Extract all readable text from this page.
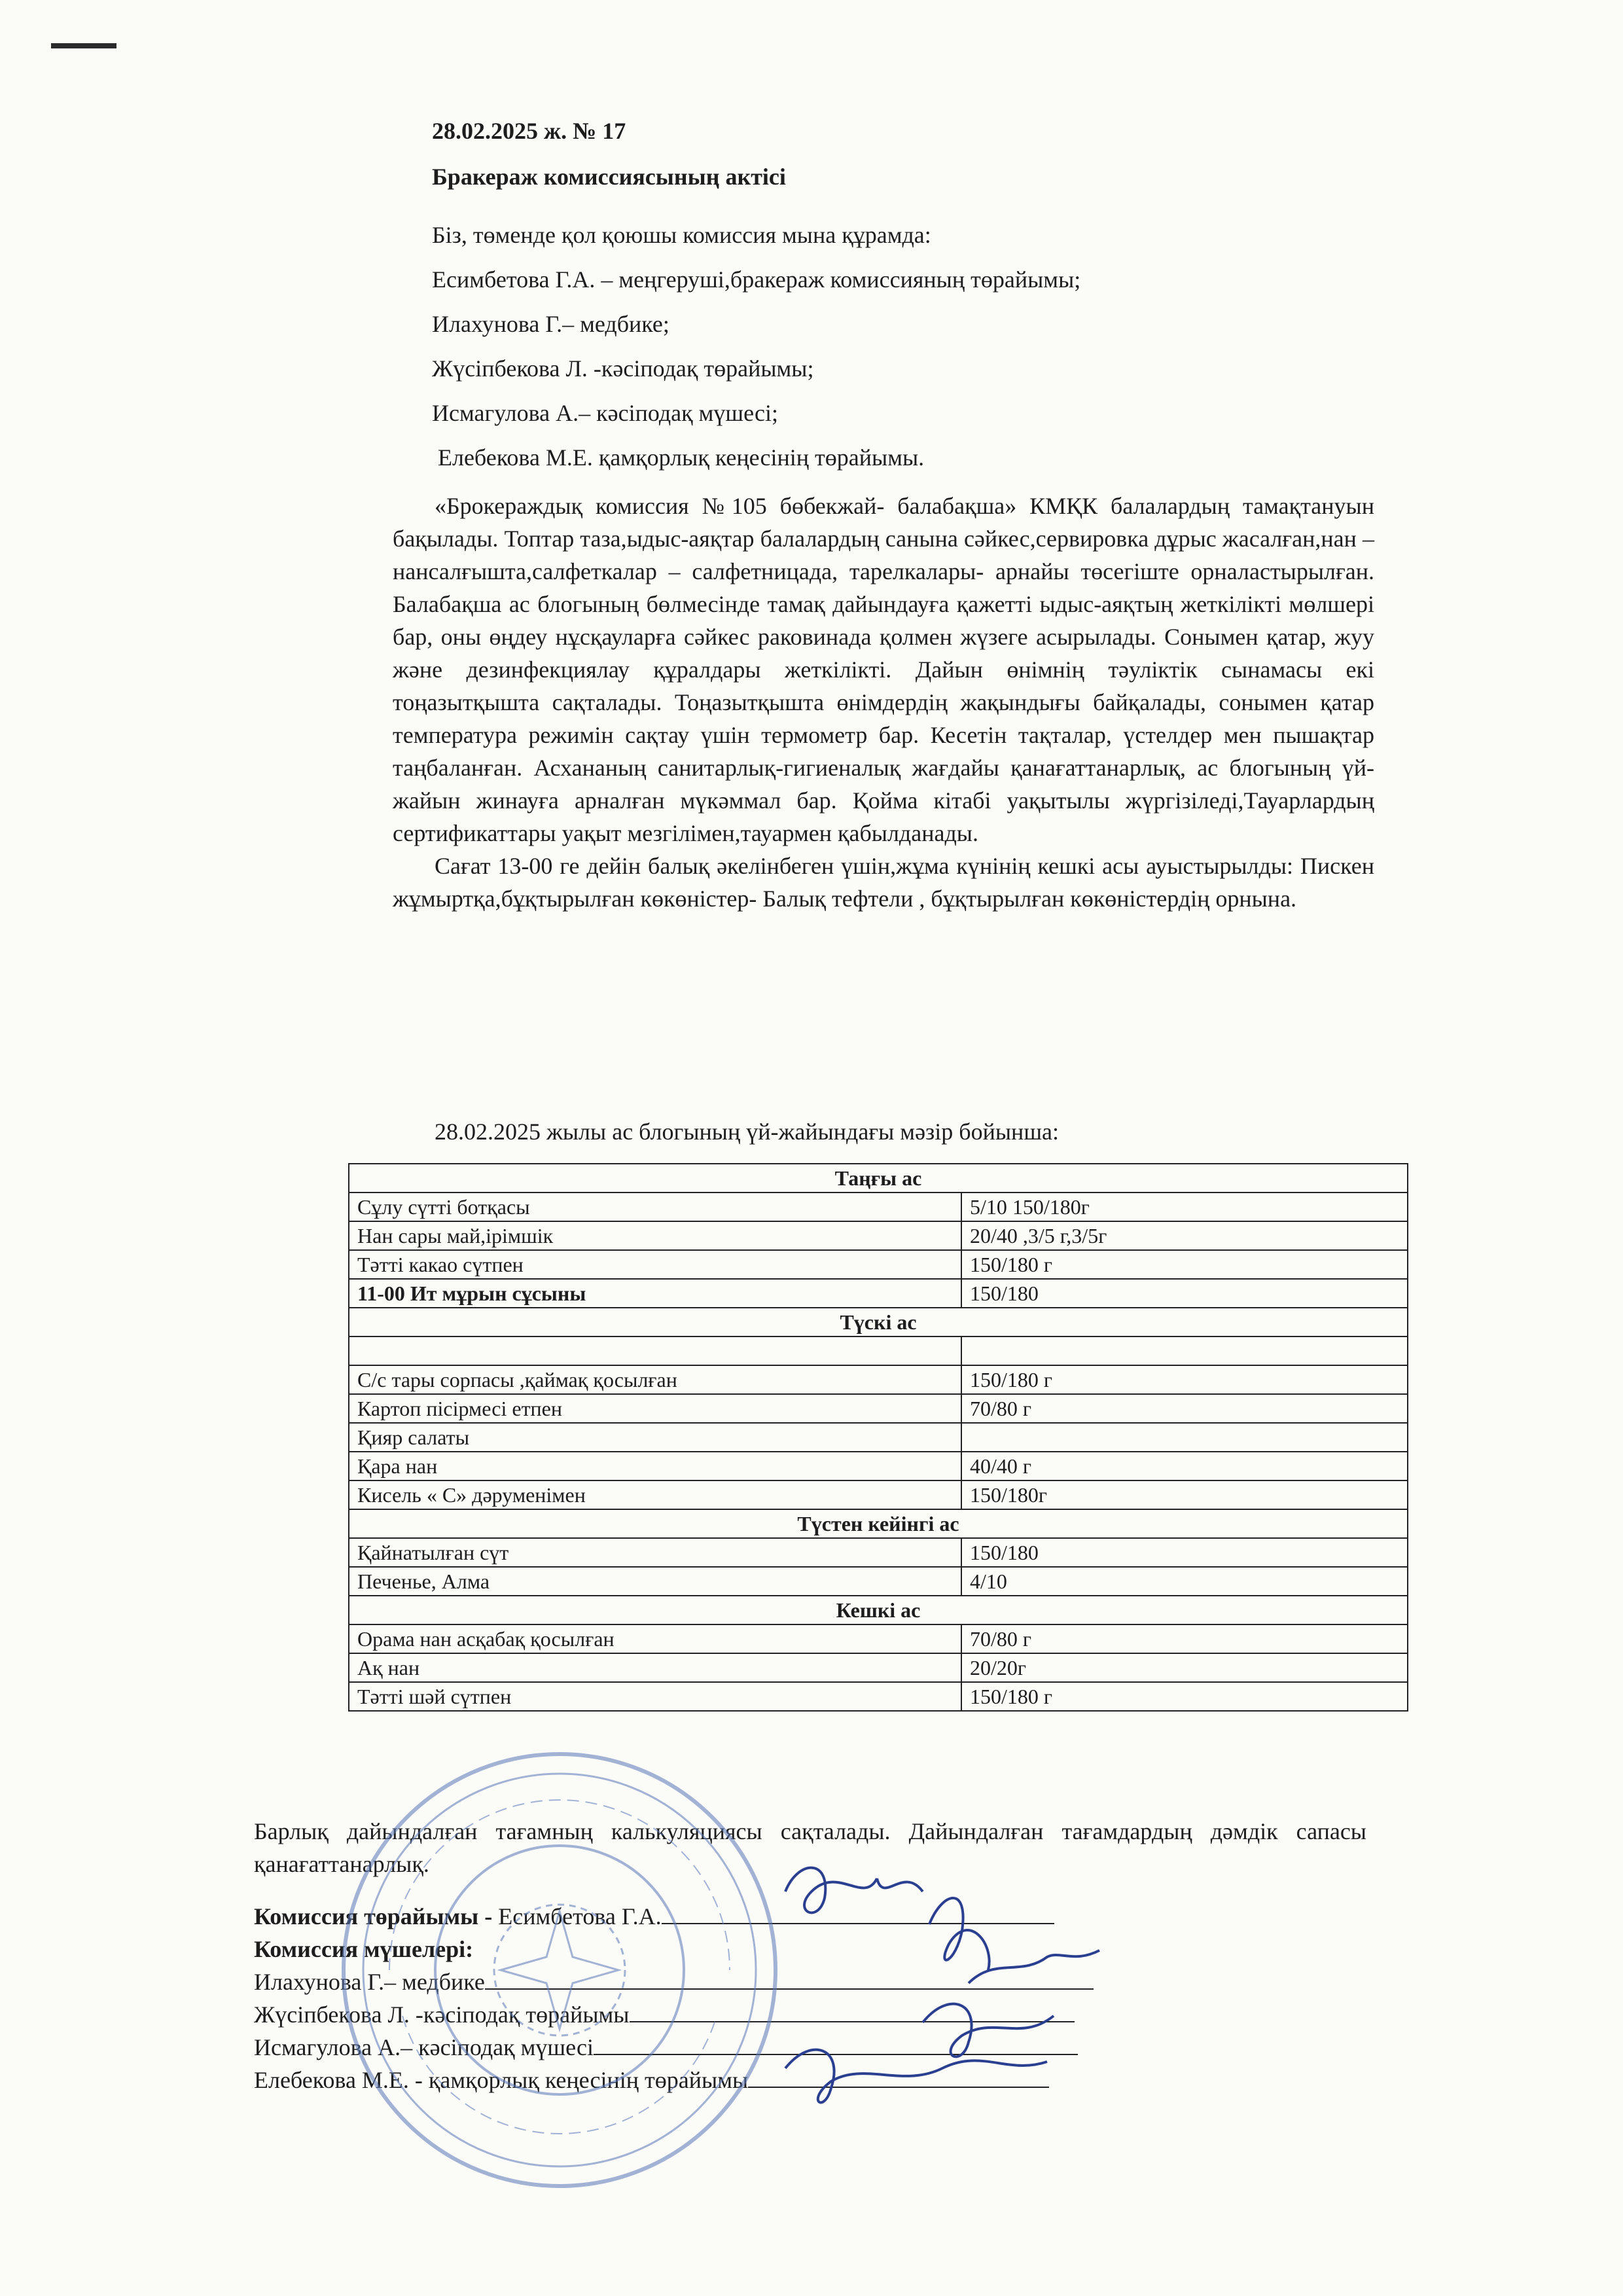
28.02.2025 ж. № 17
Бракераж комиссиясының актісі
Біз, төменде қол қоюшы комиссия мына құрамда:
Есимбетова Г.А. – меңгеруші,бракераж комиссияның төрайымы;
Илахунова Г.– медбике;
Жүсіпбекова Л. -кәсіподақ төрайымы;
Исмагулова А.– кәсіподақ мүшесі;
Елебекова М.Е. қамқорлық кеңесінің төрайымы.

«Брокераждық комиссия №105 бөбекжай- балабақша» КМҚК балалардың тамақтануын бақылады. Топтар таза,ыдыс-аяқтар балалардың санына сәйкес,сервировка дұрыс жасалған,нан –нансалғышта,салфеткалар – салфетницада, тарелкалары- арнайы төсегіште орналастырылған. Балабақша ас блогының бөлмесінде тамақ дайындауға қажетті ыдыс-аяқтың жеткілікті мөлшері бар, оны өңдеу нұсқауларға сәйкес раковинада қолмен жүзеге асырылады. Сонымен қатар, жуу және дезинфекциялау құралдары жеткілікті. Дайын өнімнің тәуліктік сынамасы екі тоңазытқышта сақталады. Тоңазытқышта өнімдердің жақындығы байқалады, сонымен қатар температура режимін сақтау үшін термометр бар. Кесетін тақталар, үстелдер мен пышақтар таңбаланған. Асхананың санитарлық-гигиеналық жағдайы қанағаттанарлық, ас блогының үй-жайын жинауға арналған мүкәммал бар. Қойма кітабі уақытылы жүргізіледі,Тауарлардың сертификаттары уақыт мезгілімен,тауармен қабылданады.

Сағат 13-00 ге дейін балық әкелінбеген үшін,жұма күнінің кешкі асы ауыстырылды: Пискен жұмыртқа,бұқтырылған көкөністер- Балық тефтели , бұқтырылған көкөністердің орнына.

28.02.2025 жылы ас блогының үй-жайындағы мәзір бойынша:
Таңғы ас	
Сұлу сүтті ботқасы	5/10 150/180г
Нан сары май,ірімшік	20/40 ,3/5 г,3/5г
Тәтті какао сүтпен	150/180 г
11-00 Ит мұрын сұсыны	150/180
Түскі ас	

С/с тары сорпасы ,қаймақ қосылған	150/180 г
Картоп пісірмесі етпен	70/80 г
Қияр салаты	
Қара нан	40/40 г
Кисель « С» дәруменімен	150/180г
Түстен кейінгі ас	
Қайнатылған сүт	150/180
Печенье, Алма	4/10
Кешкі ас	
Орама нан асқабақ қосылған	70/80 г
Ақ нан	20/20г
Тәтті шәй сүтпен	150/180 г
Барлық дайындалған тағамның калькуляциясы сақталады. Дайындалған тағамдардың дәмдік сапасы қанағаттанарлық.
Комиссия төрайымы - Есимбетова Г.А.
Комиссия мүшелері:
Илахунова Г.– медбике
Жүсіпбекова Л. -кәсіподақ төрайымы
Исмагулова А.– кәсіподақ мүшесі
Елебекова М.Е. - қамқорлық кеңесінің төрайымы
